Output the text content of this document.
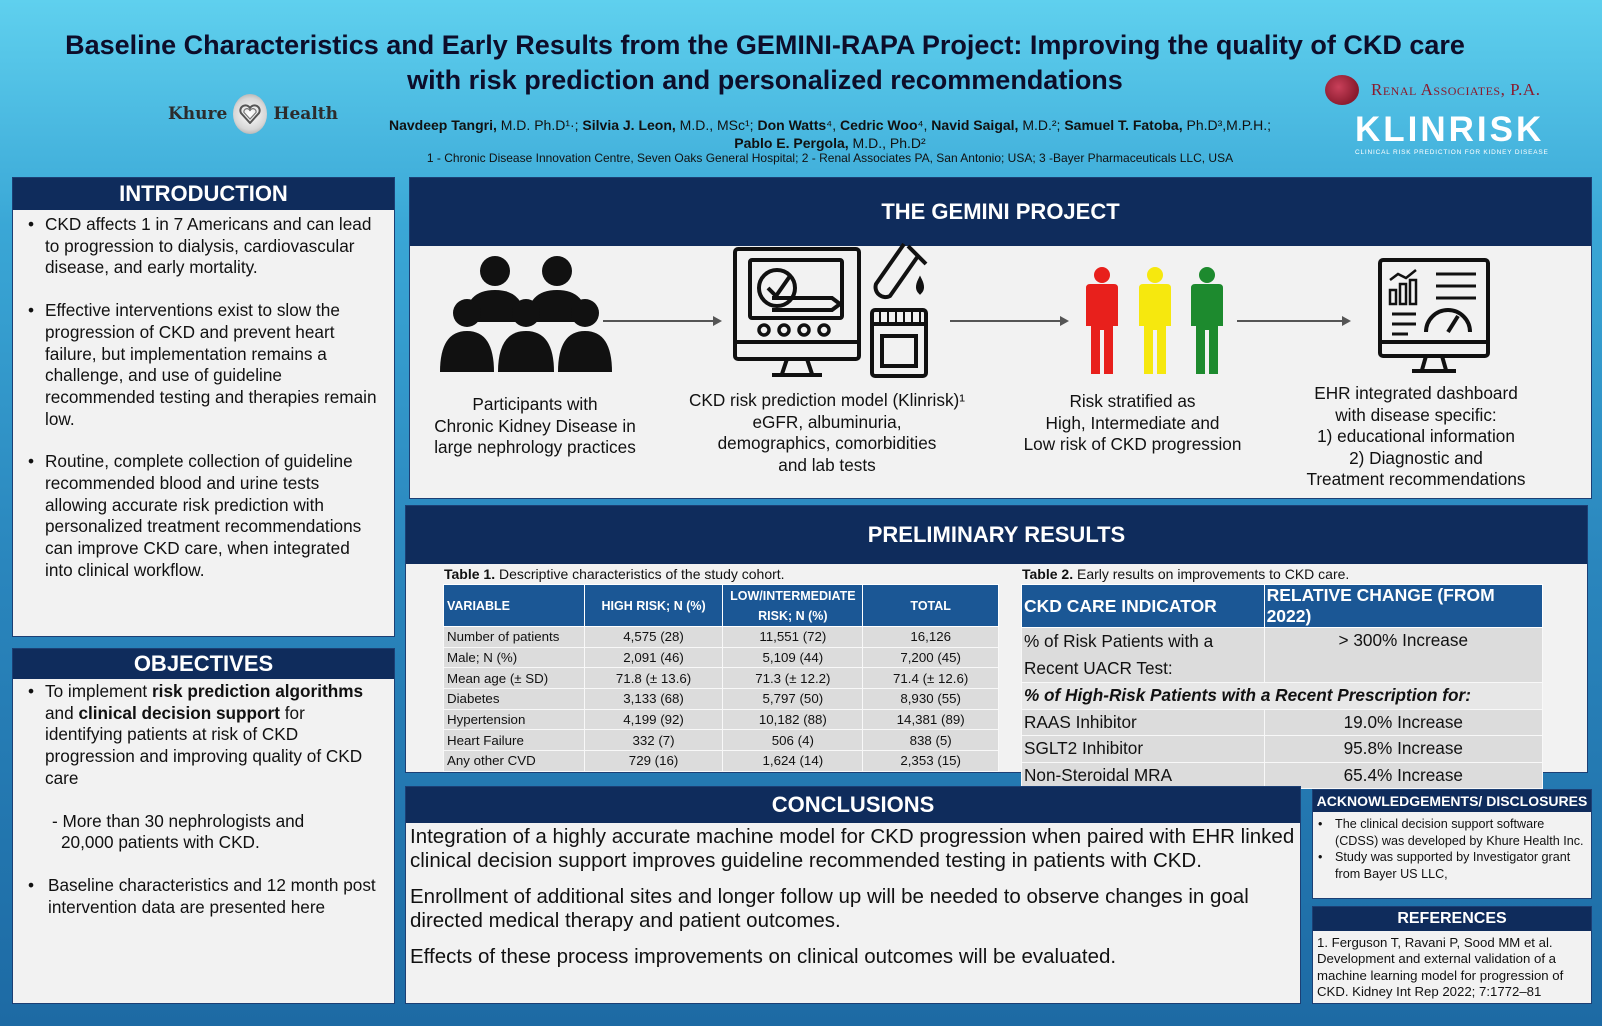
Baseline Characteristics and Early Results from the GEMINI-RAPA Project: Improving the quality of CKD care
with risk prediction and personalized recommendations
Khure	Health
Navdeep Tangri, M.D. Ph.D¹·; Silvia J. Leon, M.D., MSc¹; Don Watts⁴, Cedric Woo⁴, Navid Saigal, M.D.²; Samuel T. Fatoba, Ph.D³,M.P.H.;
Pablo E. Pergola, M.D., Ph.D²
1 - Chronic Disease Innovation Centre, Seven Oaks General Hospital; 2 - Renal Associates PA, San Antonio; USA; 3 -Bayer Pharmaceuticals LLC, USA
Renal Associates, P.A.
KLINRISK
CLINICAL RISK PREDICTION FOR KIDNEY DISEASE
INTRODUCTION
• CKD affects 1 in 7 Americans and can lead to progression to dialysis, cardiovascular disease, and early mortality.
• Effective interventions exist to slow the progression of CKD and prevent heart failure, but implementation remains a challenge, and use of guideline recommended testing and therapies remain low.
• Routine, complete collection of guideline recommended blood and urine tests allowing accurate risk prediction with personalized treatment recommendations can improve CKD care, when integrated into clinical workflow.
OBJECTIVES
• To implement risk prediction algorithms and clinical decision support for identifying patients at risk of CKD progression and improving quality of CKD care
- More than 30 nephrologists and
20,000 patients with CKD.
• Baseline characteristics and 12 month post intervention data are presented here
THE GEMINI PROJECT
Participants with
Chronic Kidney Disease in
large nephrology practices
CKD risk prediction model (Klinrisk)¹
eGFR, albuminuria,
demographics, comorbidities
and lab tests
Risk stratified as
High, Intermediate and
Low risk of CKD progression
EHR integrated dashboard
with disease specific:
1) educational information
2) Diagnostic and
Treatment recommendations
PRELIMINARY RESULTS
Table 1. Descriptive characteristics of the study cohort.
VARIABLE	HIGH RISK; N (%)	LOW/INTERMEDIATE RISK; N (%)	TOTAL
Number of patients	4,575 (28)	11,551 (72)	16,126
Male; N (%)	2,091 (46)	5,109 (44)	7,200 (45)
Mean age (± SD)	71.8 (± 13.6)	71.3 (± 12.2)	71.4 (± 12.6)
Diabetes	3,133 (68)	5,797 (50)	8,930 (55)
Hypertension	4,199 (92)	10,182 (88)	14,381 (89)
Heart Failure	332 (7)	506 (4)	838 (5)
Any other CVD	729 (16)	1,624 (14)	2,353 (15)
Table 2. Early results on improvements to CKD care.
CKD CARE INDICATOR	RELATIVE CHANGE (FROM 2022)

% of Risk Patients with a
Recent UACR Test:	> 300% Increase
% of High-Risk Patients with a Recent Prescription for:	
RAAS Inhibitor	19.0% Increase
SGLT2 Inhibitor	95.8% Increase
Non-Steroidal MRA	65.4% Increase
CONCLUSIONS

Integration of a highly accurate machine model for CKD progression when paired with EHR linked clinical decision support improves guideline recommended testing in patients with CKD.

Enrollment of additional sites and longer follow up will be needed to observe changes in goal directed medical therapy and patient outcomes.

Effects of these process improvements on clinical outcomes will be evaluated.

ACKNOWLEDGEMENTS/ DISCLOSURES
• The clinical decision support software (CDSS) was developed by Khure Health Inc.
• Study was supported by Investigator grant from Bayer US LLC,
REFERENCES
1. Ferguson T, Ravani P, Sood MM et al. Development and external validation of a machine learning model for progression of CKD. Kidney Int Rep 2022; 7:1772–81
